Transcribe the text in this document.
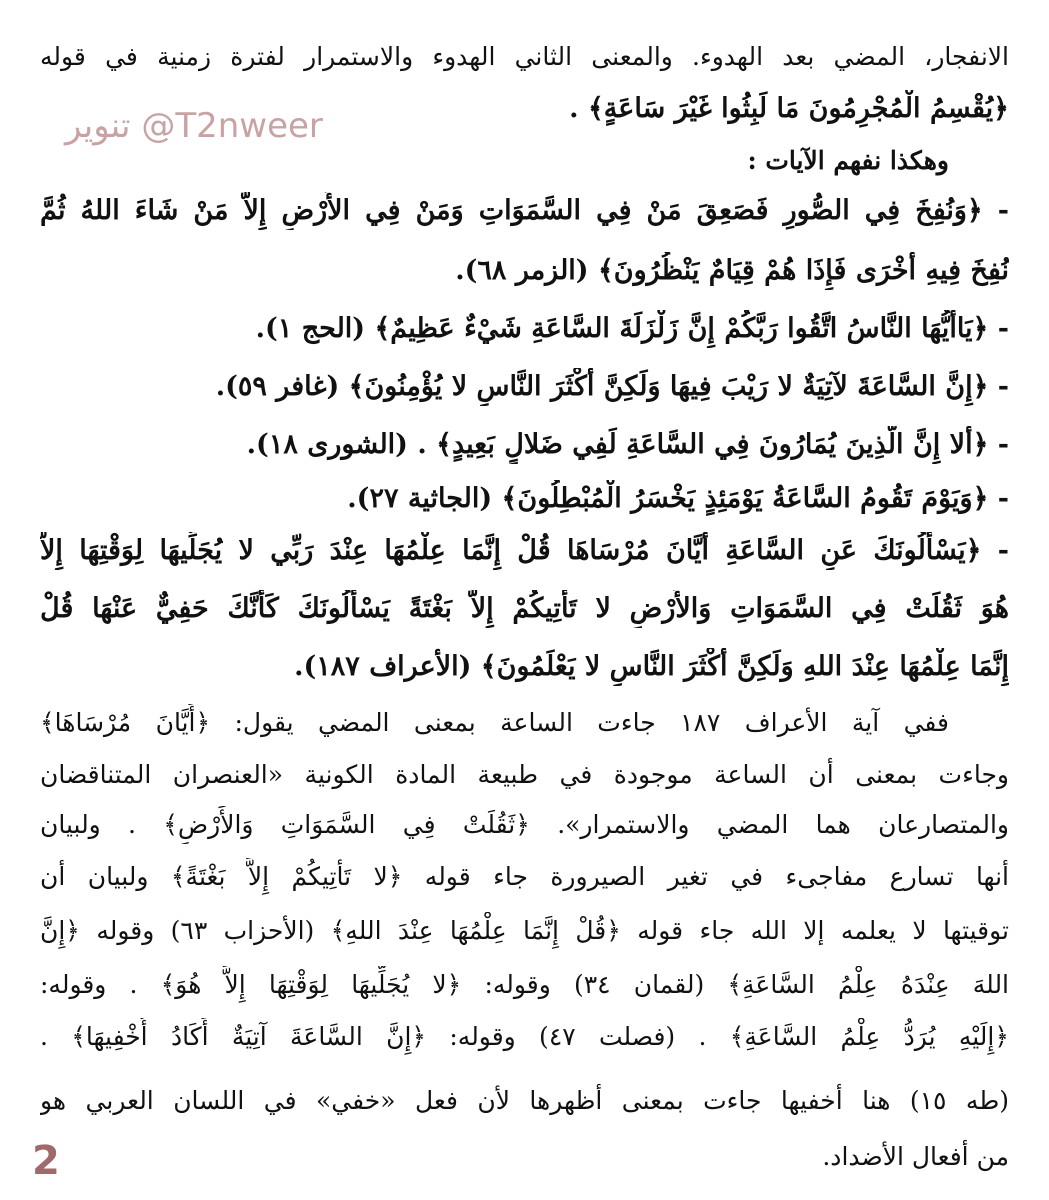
الانفجار، المضي بعد الهدوء. والمعنى الثاني الهدوء والاستمرار لفترة زمنية في قوله
﴿يُقْسِمُ الْمُجْرِمُونَ مَا لَبِثُوا غَيْرَ سَاعَةٍ﴾ .
تنوير @T2nweer
وهكذا نفهم الآيات :
- ﴿وَنُفِخَ فِي الصُّورِ فَصَعِقَ مَنْ فِي السَّمَوَاتِ وَمَنْ فِي الأَرْضِ إِلاَّ مَنْ شَاءَ اللهُ ثُمَّ
نُفِخَ فِيهِ أُخْرَى فَإِذَا هُمْ قِيَامٌ يَنْظُرُونَ﴾ (الزمر ٦٨).
- ﴿يَاأَيُّهَا النَّاسُ اتَّقُوا رَبَّكُمْ إِنَّ زَلْزَلَةَ السَّاعَةِ شَيْءٌ عَظِيمٌ﴾ (الحج ١).
- ﴿إِنَّ السَّاعَةَ لآتِيَةٌ لا رَيْبَ فِيهَا وَلَكِنَّ أَكْثَرَ النَّاسِ لا يُؤْمِنُونَ﴾ (غافر ٥٩).
- ﴿أَلا إِنَّ الَّذِينَ يُمَارُونَ فِي السَّاعَةِ لَفِي ضَلالٍ بَعِيدٍ﴾ . (الشورى ١٨).
- ﴿وَيَوْمَ تَقُومُ السَّاعَةُ يَوْمَئِذٍ يَخْسَرُ الْمُبْطِلُونَ﴾ (الجاثية ٢٧).
- ﴿يَسْأَلُونَكَ عَنِ السَّاعَةِ أَيَّانَ مُرْسَاهَا قُلْ إِنَّمَا عِلْمُهَا عِنْدَ رَبِّي لا يُجَلِّيهَا لِوَقْتِهَا إِلاَّ
هُوَ ثَقُلَتْ فِي السَّمَوَاتِ وَالأَرْضِ لا تَأْتِيكُمْ إِلاَّ بَغْتَةً يَسْأَلُونَكَ كَأَنَّكَ حَفِيٌّ عَنْهَا قُلْ
إِنَّمَا عِلْمُهَا عِنْدَ اللهِ وَلَكِنَّ أَكْثَرَ النَّاسِ لا يَعْلَمُونَ﴾ (الأعراف ١٨٧).
ففي آية الأعراف ١٨٧ جاءت الساعة بمعنى المضي يقول: ﴿أَيَّانَ مُرْسَاهَا﴾
وجاءت بمعنى أن الساعة موجودة في طبيعة المادة الكونية «العنصران المتناقضان
والمتصارعان هما المضي والاستمرار». ﴿ثَقُلَتْ فِي السَّمَوَاتِ وَالأَرْضِ﴾ . ولبيان
أنها تسارع مفاجىء في تغير الصيرورة جاء قوله ﴿لا تَأْتِيكُمْ إِلاَّ بَغْتَةً﴾ ولبيان أن
توقيتها لا يعلمه إلا الله جاء قوله ﴿قُلْ إِنَّمَا عِلْمُهَا عِنْدَ اللهِ﴾ (الأحزاب ٦٣) وقوله ﴿إِنَّ
اللهَ عِنْدَهُ عِلْمُ السَّاعَةِ﴾ (لقمان ٣٤) وقوله: ﴿لا يُجَلِّيهَا لِوَقْتِهَا إِلاَّ هُوَ﴾ . وقوله:
﴿إِلَيْهِ يُرَدُّ عِلْمُ السَّاعَةِ﴾ . (فصلت ٤٧) وقوله: ﴿إِنَّ السَّاعَةَ آتِيَةٌ أَكَادُ أُخْفِيهَا﴾ .
(طه ١٥) هنا أخفيها جاءت بمعنى أظهرها لأن فعل «خفي» في اللسان العربي هو
من أفعال الأضداد.
2
